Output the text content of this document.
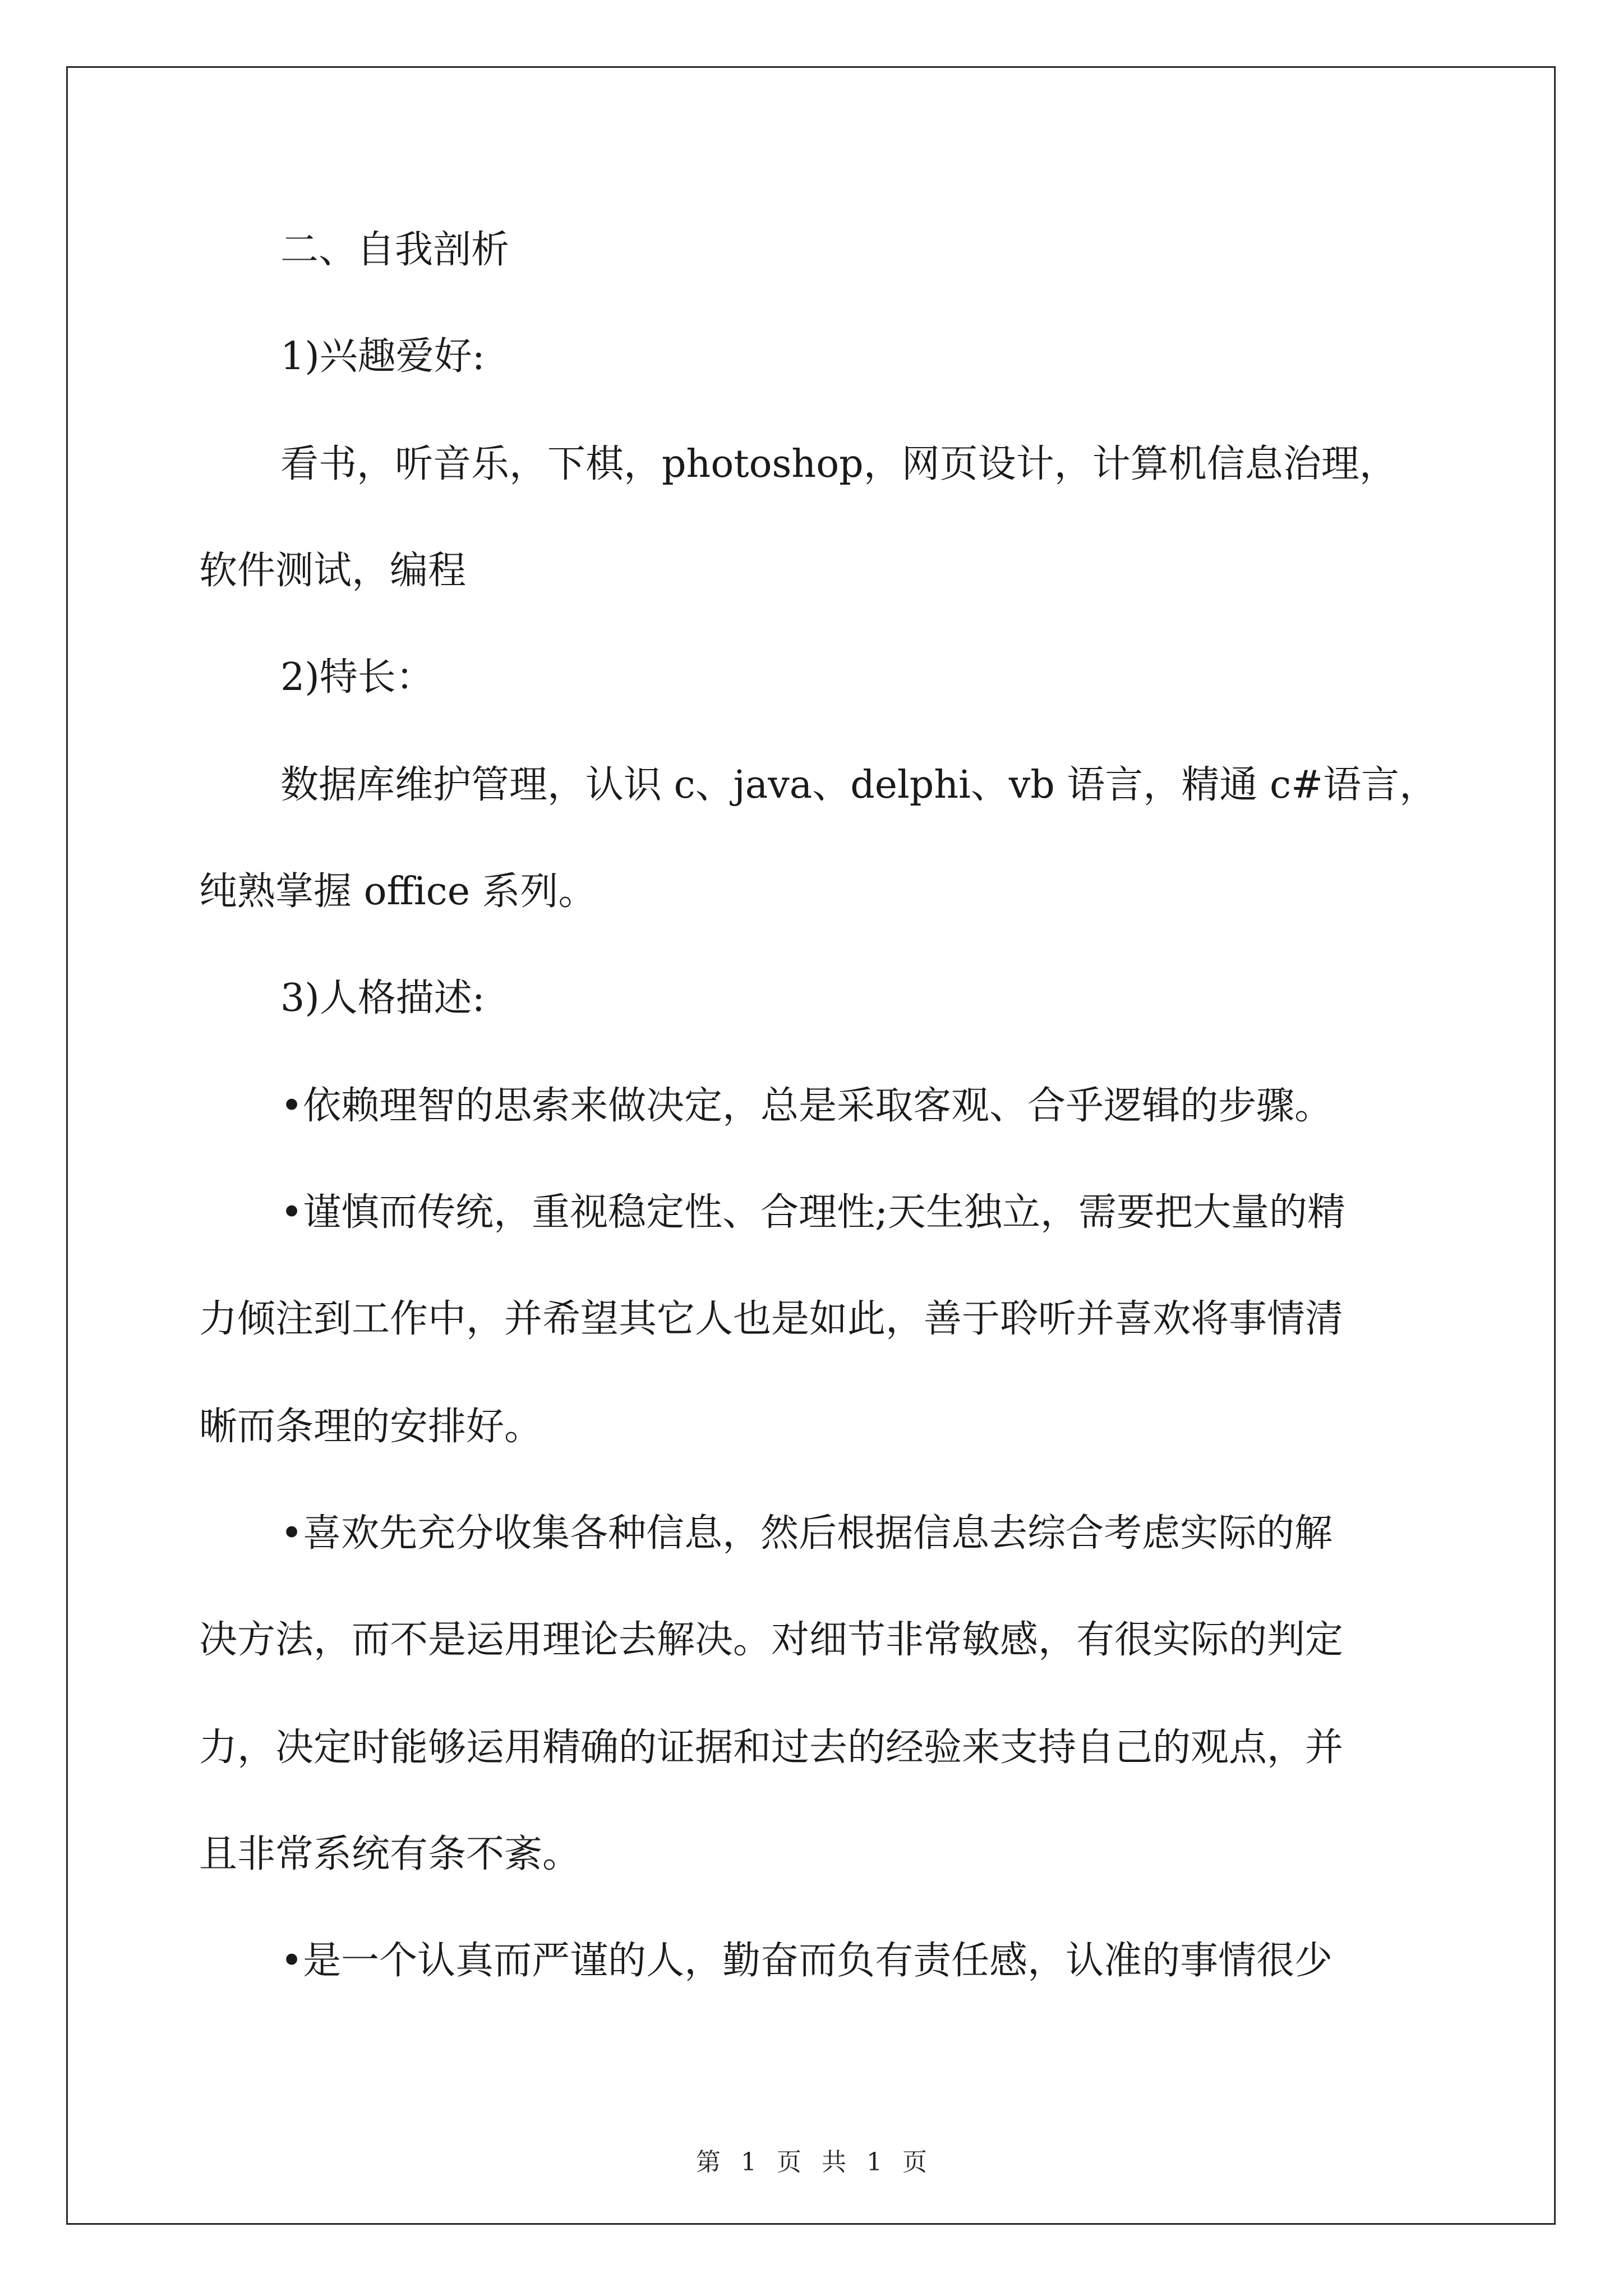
二、自我剖析
1)兴趣爱好:
看书，听音乐，下棋，photoshop，网页设计，计算机信息治理，
软件测试，编程
2)特长：
数据库维护管理，认识 c、java、delphi、vb 语言，精通 c#语言，
纯熟掌握 office 系列。
3)人格描述:
•依赖理智的思索来做决定，总是采取客观、合乎逻辑的步骤。
•谨慎而传统，重视稳定性、合理性;天生独立，需要把大量的精
力倾注到工作中，并希望其它人也是如此，善于聆听并喜欢将事情清
晰而条理的安排好。
•喜欢先充分收集各种信息，然后根据信息去综合考虑实际的解
决方法，而不是运用理论去解决。对细节非常敏感，有很实际的判定
力，决定时能够运用精确的证据和过去的经验来支持自己的观点，并
且非常系统有条不紊。
•是一个认真而严谨的人，勤奋而负有责任感，认准的事情很少
第 1 页 共 1 页
